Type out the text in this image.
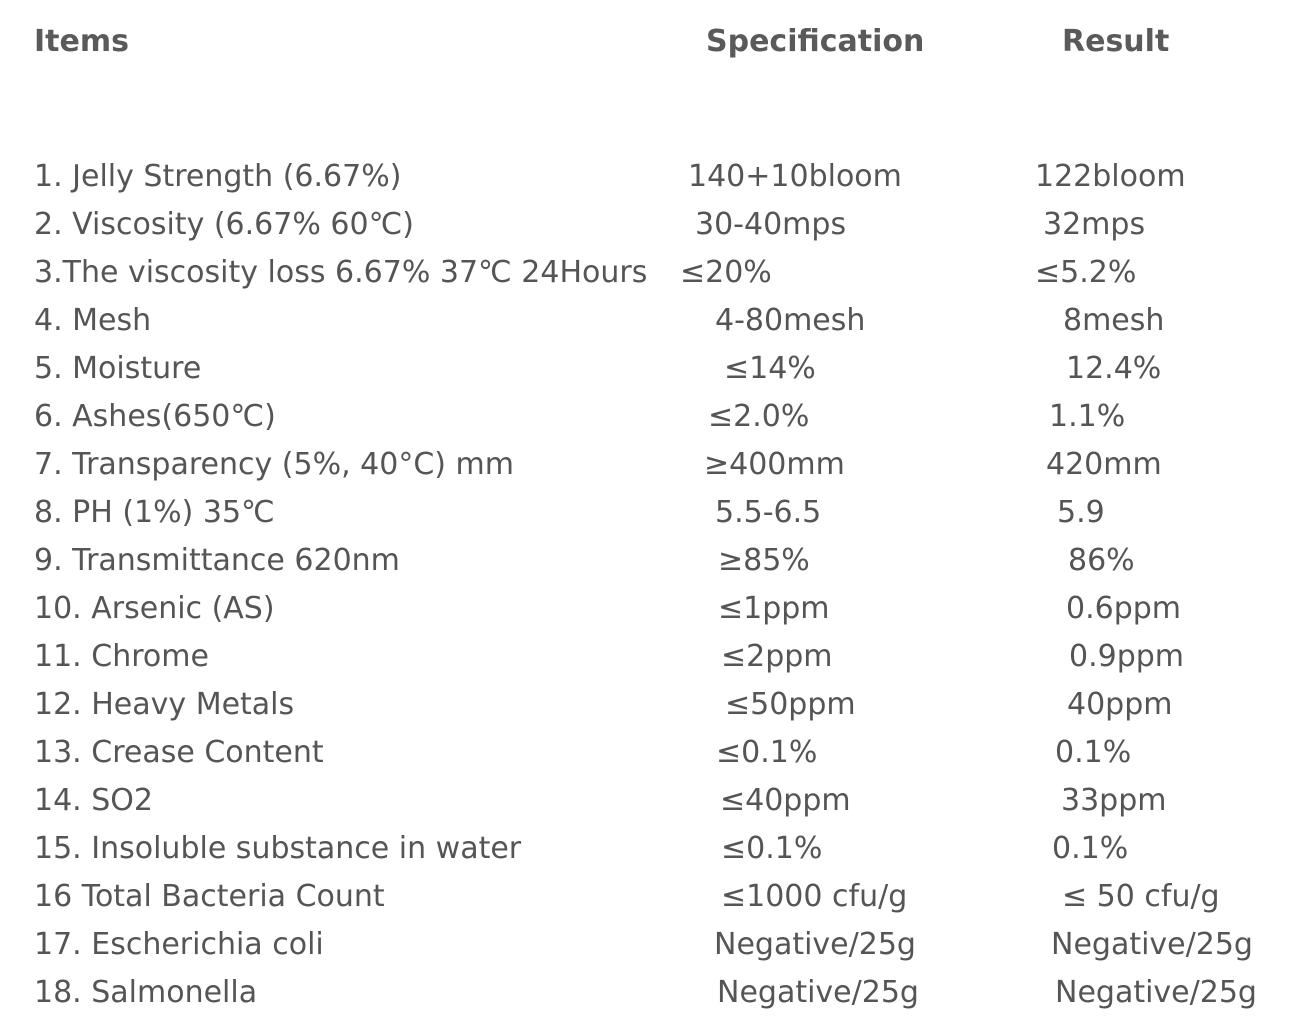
Items	Specification	Result
1. Jelly Strength (6.67%)	140+10bloom	122bloom
2. Viscosity (6.67% 60℃)	30-40mps	32mps
3.The viscosity loss 6.67% 37℃ 24Hours ≤20%	≤5.2%
4. Mesh	4-80mesh	8mesh
5. Moisture	≤14%	12.4%
6. Ashes(650℃)	≤2.0%	1.1%
7. Transparency (5%, 40°C) mm	≥400mm	420mm
8. PH (1%) 35℃	5.5-6.5	5.9
9. Transmittance 620nm	≥85%	86%
10. Arsenic (AS)	≤1ppm	0.6ppm
11. Chrome	≤2ppm	0.9ppm
12. Heavy Metals	≤50ppm	40ppm
13. Crease Content	≤0.1%	0.1%
14. SO2	≤40ppm	33ppm
15. Insoluble substance in water	≤0.1%	0.1%
16 Total Bacteria Count	≤1000 cfu/g	≤ 50 cfu/g
17. Escherichia coli	Negative/25g	Negative/25g
18. Salmonella	Negative/25g	Negative/25g
